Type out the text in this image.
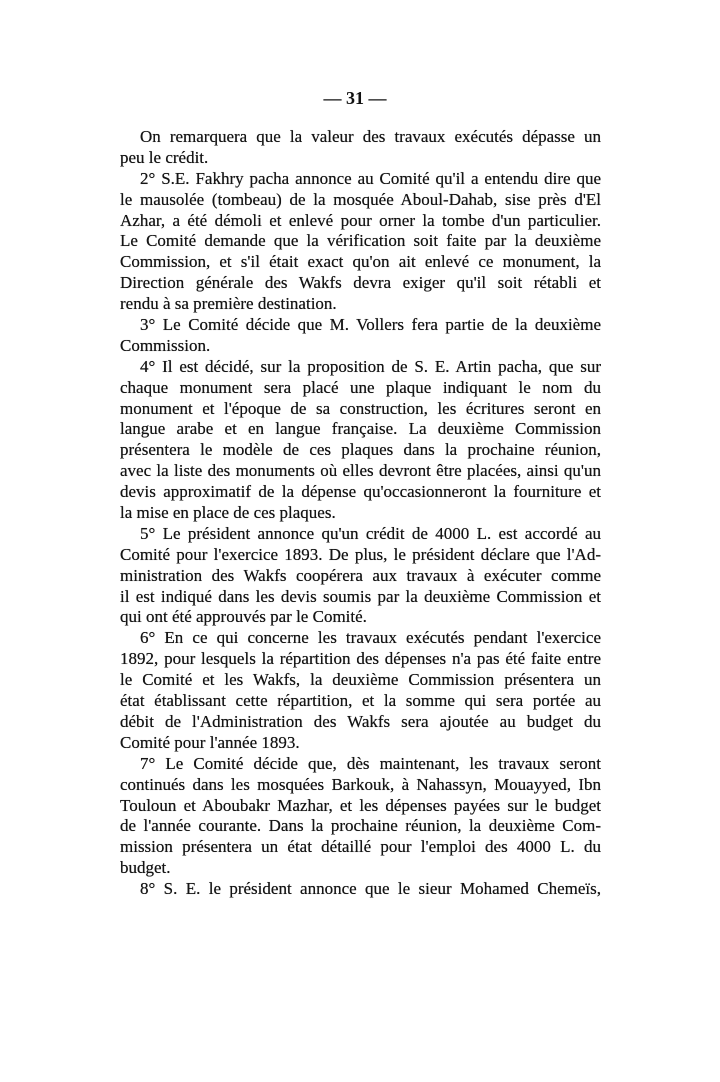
— 31 —
On remarquera que la valeur des travaux exécutés dépasse un
peu le crédit.
2° S.E. Fakhry pacha annonce au Comité qu'il a entendu dire que
le mausolée (tombeau) de la mosquée Aboul-Dahab, sise près d'El
Azhar, a été démoli et enlevé pour orner la tombe d'un particulier.
Le Comité demande que la vérification soit faite par la deuxième
Commission, et s'il était exact qu'on ait enlevé ce monument, la
Direction générale des Wakfs devra exiger qu'il soit rétabli et
rendu à sa première destination.
3° Le Comité décide que M. Vollers fera partie de la deuxième
Commission.
4° Il est décidé, sur la proposition de S. E. Artin pacha, que sur
chaque monument sera placé une plaque indiquant le nom du
monument et l'époque de sa construction, les écritures seront en
langue arabe et en langue française. La deuxième Commission
présentera le modèle de ces plaques dans la prochaine réunion,
avec la liste des monuments où elles devront être placées, ainsi qu'un
devis approximatif de la dépense qu'occasionneront la fourniture et
la mise en place de ces plaques.
5° Le président annonce qu'un crédit de 4000 L. est accordé au
Comité pour l'exercice 1893. De plus, le président déclare que l'Ad-
ministration des Wakfs coopérera aux travaux à exécuter comme
il est indiqué dans les devis soumis par la deuxième Commission et
qui ont été approuvés par le Comité.
6° En ce qui concerne les travaux exécutés pendant l'exercice
1892, pour lesquels la répartition des dépenses n'a pas été faite entre
le Comité et les Wakfs, la deuxième Commission présentera un
état établissant cette répartition, et la somme qui sera portée au
débit de l'Administration des Wakfs sera ajoutée au budget du
Comité pour l'année 1893.
7° Le Comité décide que, dès maintenant, les travaux seront
continués dans les mosquées Barkouk, à Nahassyn, Mouayyed, Ibn
Touloun et Aboubakr Mazhar, et les dépenses payées sur le budget
de l'année courante. Dans la prochaine réunion, la deuxième Com-
mission présentera un état détaillé pour l'emploi des 4000 L. du
budget.
8° S. E. le président annonce que le sieur Mohamed Chemeïs,
